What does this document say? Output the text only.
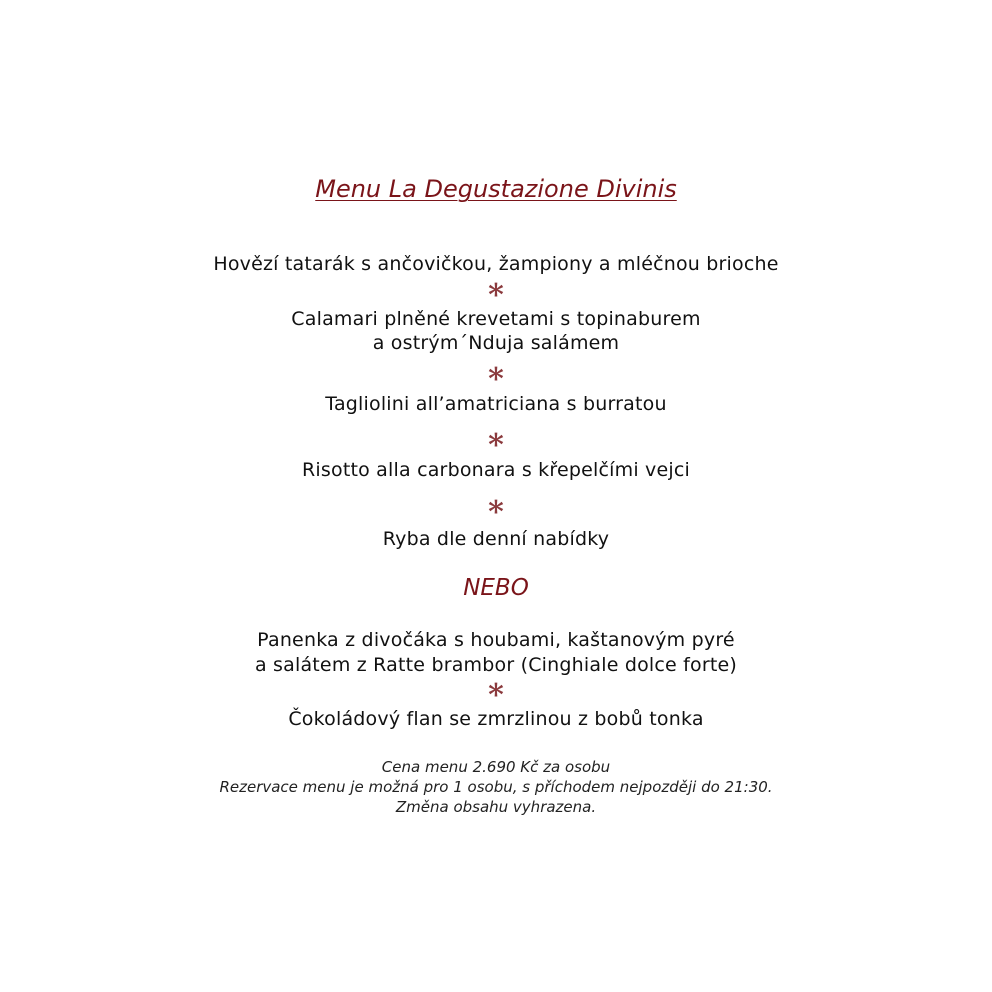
Menu La Degustazione Divinis
Hovězí tatarák s ančovičkou, žampiony a mléčnou brioche
*
Calamari plněné krevetami s topinaburem
a ostrým´Nduja salámem
*
Tagliolini all’amatriciana s burratou
*
Risotto alla carbonara s křepelčími vejci
*
Ryba dle denní nabídky
NEBO
Panenka z divočáka s houbami, kaštanovým pyré
a salátem z Ratte brambor (Cinghiale dolce forte)
*
Čokoládový flan se zmrzlinou z bobů tonka
Cena menu 2.690 Kč za osobu
Rezervace menu je možná pro 1 osobu, s příchodem nejpozději do 21:30.
Změna obsahu vyhrazena.
